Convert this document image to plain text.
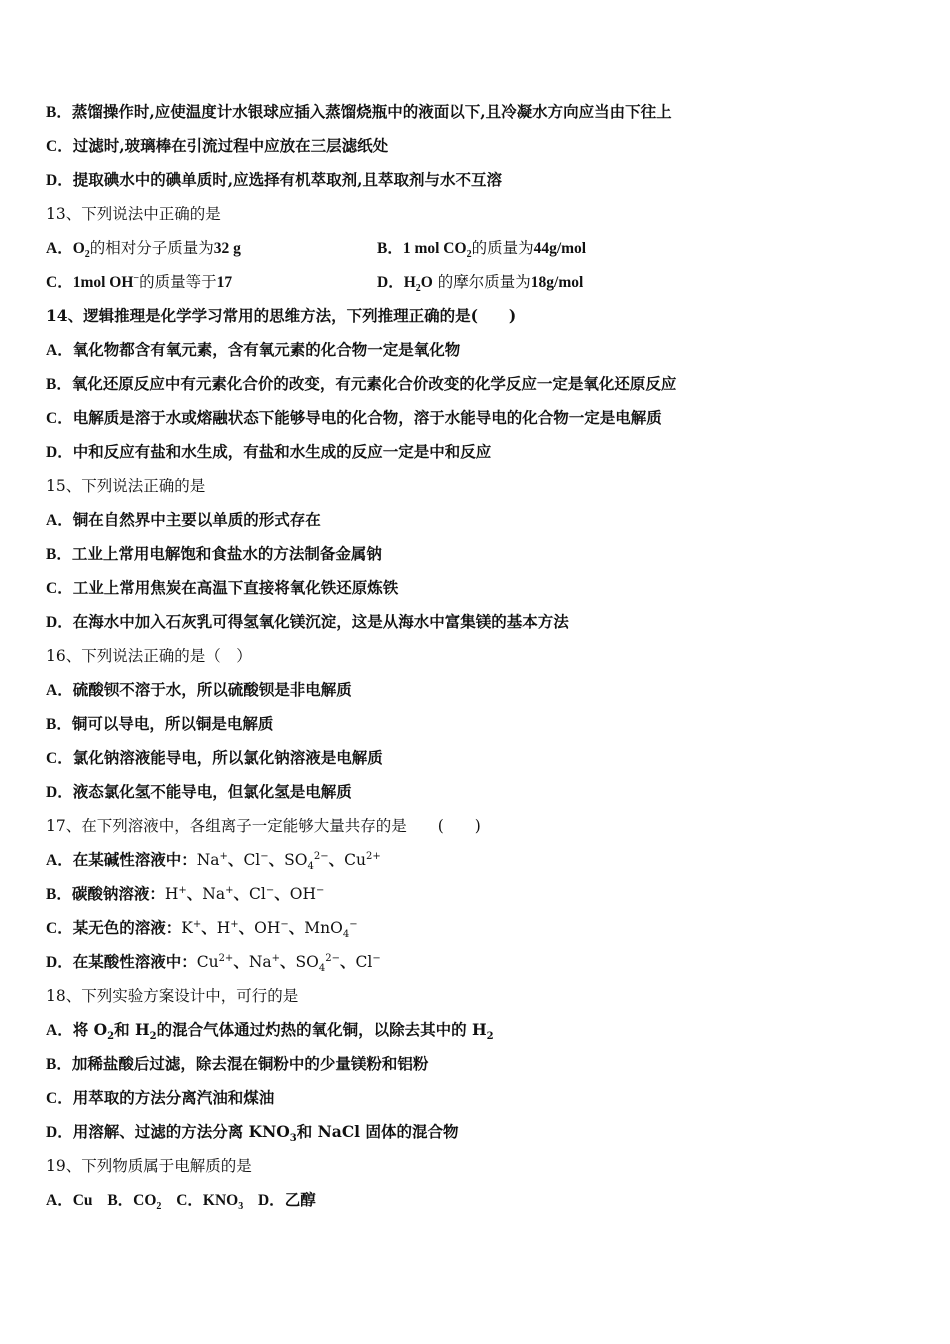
B．蒸馏操作时,应使温度计水银球应插入蒸馏烧瓶中的液面以下,且冷凝水方向应当由下往上
C．过滤时,玻璃棒在引流过程中应放在三层滤纸处
D．提取碘水中的碘单质时,应选择有机萃取剂,且萃取剂与水不互溶
13、下列说法中正确的是
A．$O_2$的相对分子质量为32 g	B．1 mol $CO_2$的质量为44g/mol
C．1mol OH−的质量等于17	D．$H_2O$ 的摩尔质量为18g/mol
14、逻辑推理是化学学习常用的思维方法，下列推理正确的是(　　)
A．氧化物都含有氧元素，含有氧元素的化合物一定是氧化物
B．氧化还原反应中有元素化合价的改变，有元素化合价改变的化学反应一定是氧化还原反应
C．电解质是溶于水或熔融状态下能够导电的化合物，溶于水能导电的化合物一定是电解质
D．中和反应有盐和水生成，有盐和水生成的反应一定是中和反应
15、下列说法正确的是
A．铜在自然界中主要以单质的形式存在
B．工业上常用电解饱和食盐水的方法制备金属钠
C．工业上常用焦炭在高温下直接将氧化铁还原炼铁
D．在海水中加入石灰乳可得氢氧化镁沉淀，这是从海水中富集镁的基本方法
16、下列说法正确的是（　）
A．硫酸钡不溶于水，所以硫酸钡是非电解质
B．铜可以导电，所以铜是电解质
C．氯化钠溶液能导电，所以氯化钠溶液是电解质
D．液态氯化氢不能导电，但氯化氢是电解质
17、在下列溶液中，各组离子一定能够大量共存的是　　(　　)
A．在某碱性溶液中：Na+、Cl−、$SO_4^{2-}$、$Cu^{2+}$
B．碳酸钠溶液：H+、Na+、Cl−、OH−
C．某无色的溶液：K+、H+、OH−、MnO$_4$−
D．在某酸性溶液中：$Cu^{2+}$、Na+、$SO_4^{2-}$、Cl−
18、下列实验方案设计中，可行的是
A．将 $O_2$和 $H_2$的混合气体通过灼热的氧化铜，以除去其中的 $H_2$
B．加稀盐酸后过滤，除去混在铜粉中的少量镁粉和铝粉
C．用萃取的方法分离汽油和煤油
D．用溶解、过滤的方法分离 $KNO_3$和 NaCl 固体的混合物
19、下列物质属于电解质的是
A．Cu B．$CO_2$ C．$KNO_3$ D．乙醇
